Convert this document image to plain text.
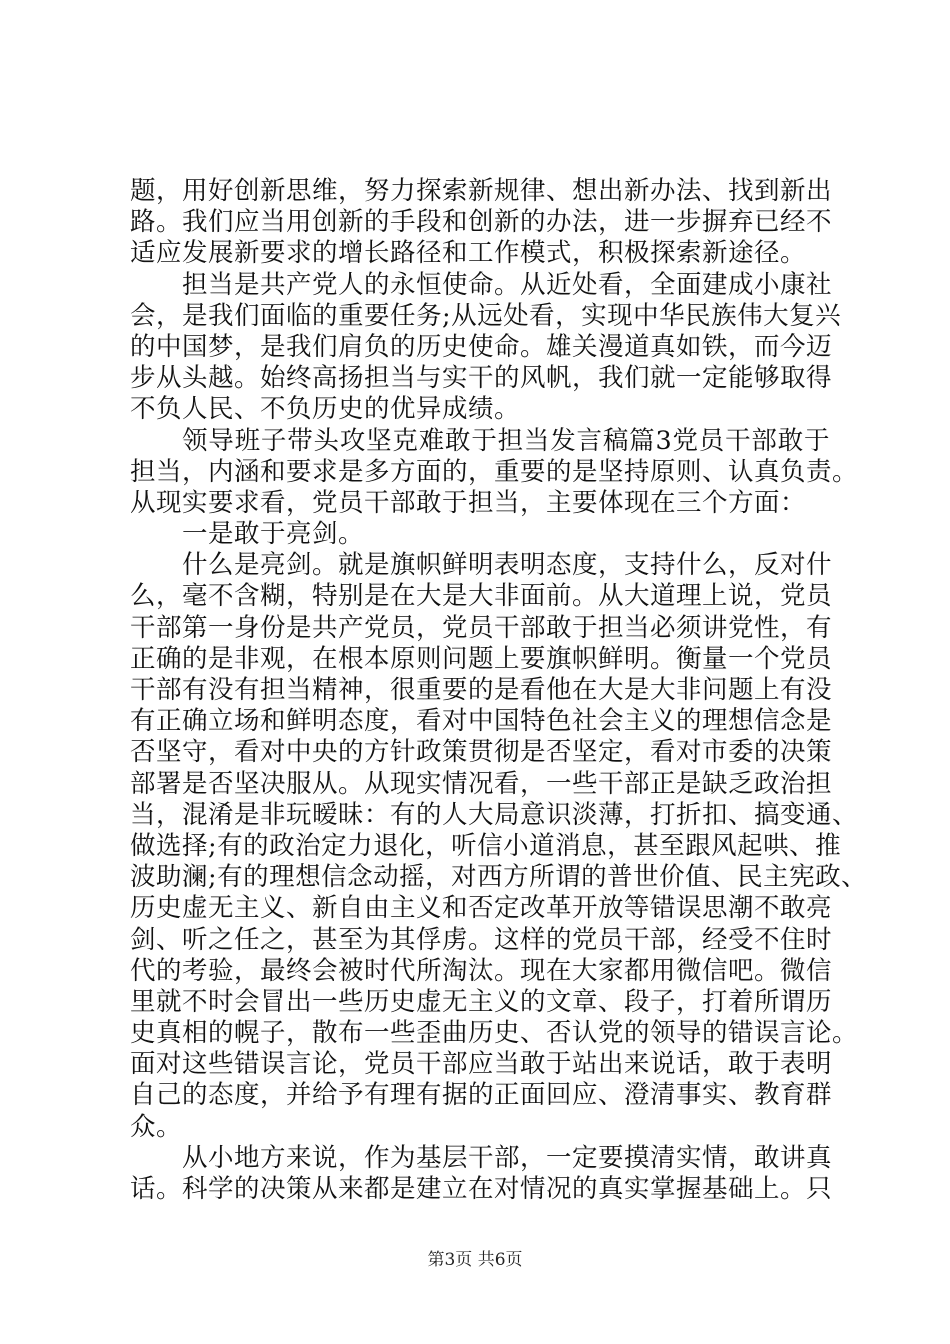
题，用好创新思维，努力探索新规律、想出新办法、找到新出
路。我们应当用创新的手段和创新的办法，进一步摒弃已经不
适应发展新要求的增长路径和工作模式，积极探索新途径。
担当是共产党人的永恒使命。从近处看，全面建成小康社
会，是我们面临的重要任务;从远处看，实现中华民族伟大复兴
的中国梦，是我们肩负的历史使命。雄关漫道真如铁，而今迈
步从头越。始终高扬担当与实干的风帆，我们就一定能够取得
不负人民、不负历史的优异成绩。
领导班子带头攻坚克难敢于担当发言稿篇3党员干部敢于
担当，内涵和要求是多方面的，重要的是坚持原则、认真负责。
从现实要求看，党员干部敢于担当，主要体现在三个方面：
一是敢于亮剑。
什么是亮剑。就是旗帜鲜明表明态度，支持什么，反对什
么，毫不含糊，特别是在大是大非面前。从大道理上说，党员
干部第一身份是共产党员，党员干部敢于担当必须讲党性，有
正确的是非观，在根本原则问题上要旗帜鲜明。衡量一个党员
干部有没有担当精神，很重要的是看他在大是大非问题上有没
有正确立场和鲜明态度，看对中国特色社会主义的理想信念是
否坚守，看对中央的方针政策贯彻是否坚定，看对市委的决策
部署是否坚决服从。从现实情况看，一些干部正是缺乏政治担
当，混淆是非玩暧昧：有的人大局意识淡薄，打折扣、搞变通、
做选择;有的政治定力退化，听信小道消息，甚至跟风起哄、推
波助澜;有的理想信念动摇，对西方所谓的普世价值、民主宪政、
历史虚无主义、新自由主义和否定改革开放等错误思潮不敢亮
剑、听之任之，甚至为其俘虏。这样的党员干部，经受不住时
代的考验，最终会被时代所淘汰。现在大家都用微信吧。微信
里就不时会冒出一些历史虚无主义的文章、段子，打着所谓历
史真相的幌子，散布一些歪曲历史、否认党的领导的错误言论。
面对这些错误言论，党员干部应当敢于站出来说话，敢于表明
自己的态度，并给予有理有据的正面回应、澄清事实、教育群
众。
从小地方来说，作为基层干部，一定要摸清实情，敢讲真
话。科学的决策从来都是建立在对情况的真实掌握基础上。只
第3页 共6页
